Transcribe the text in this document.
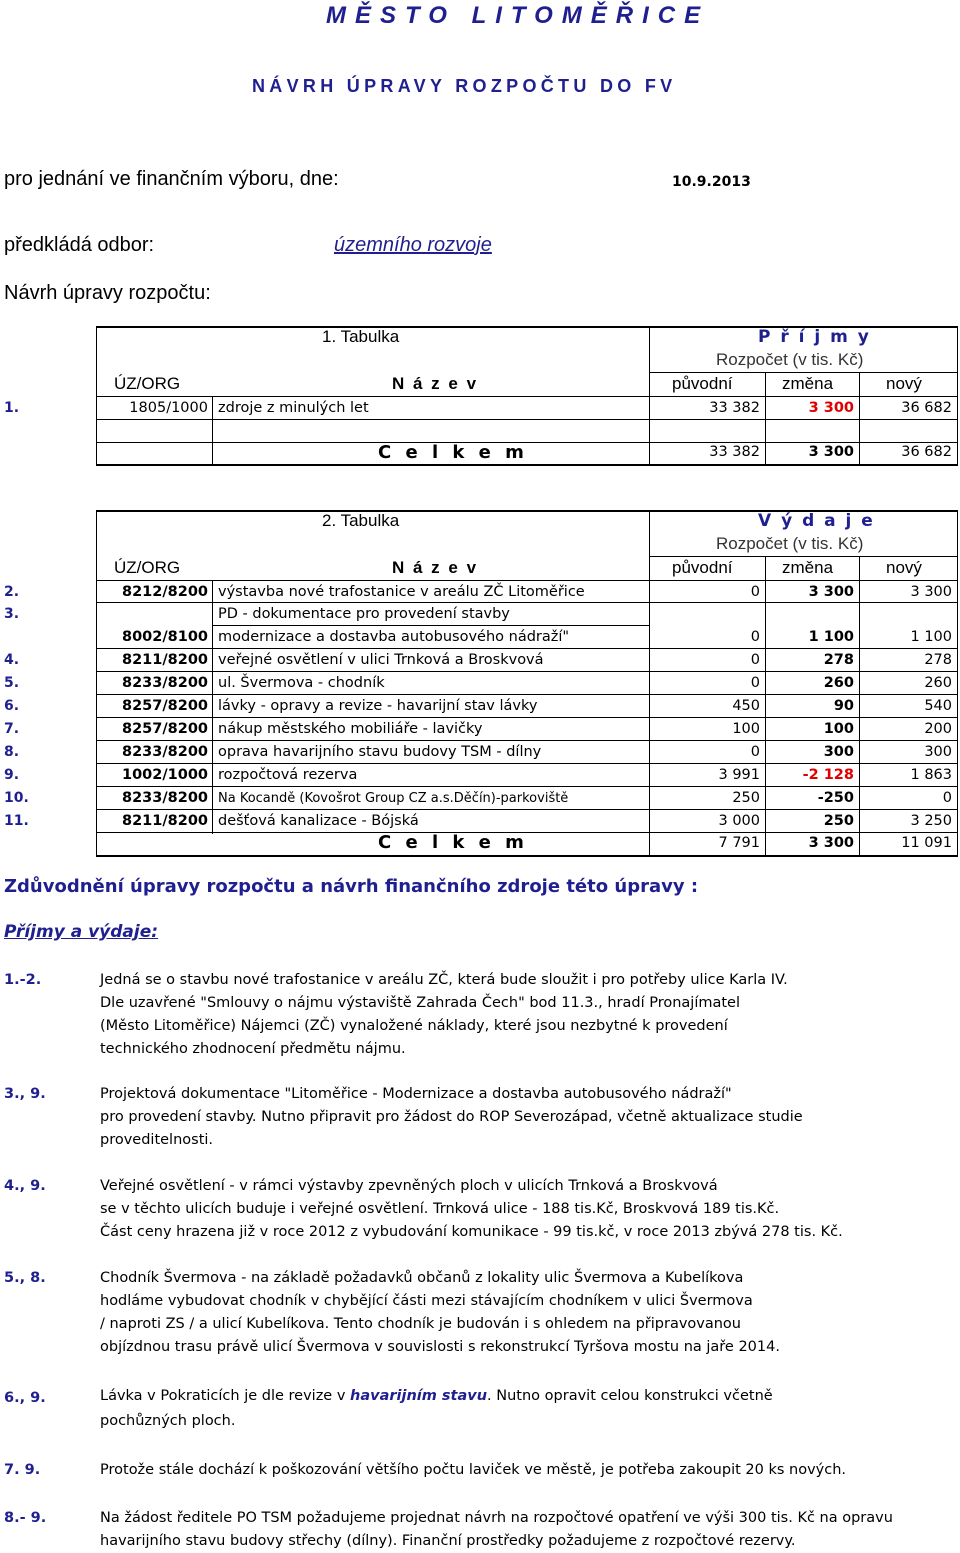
MĚSTO LITOMĚŘICE
NÁVRH ÚPRAVY ROZPOČTU DO FV
pro jednání ve finančním výboru, dne:	10.9.2013
předkládá odbor:	územního rozvoje
Návrh úpravy rozpočtu:
1. Tabulka	P ř í j m y
Rozpočet (v tis. Kč)
ÚZ/ORG	N á z e v	původní	změna	nový
1.	1805/1000 zdroje z minulých let	33 382	3 300	36 682
C e l k e m	33 382	3 300	36 682
2. Tabulka	V ý d a j e
Rozpočet (v tis. Kč)
ÚZ/ORG	N á z e v	původní	změna	nový
2.	8212/8200 výstavba nové trafostanice v areálu ZČ Litoměřice	0	3 300	3 300
3.	PD - dokumentace pro provedení stavby
8002/8100 modernizace a dostavba autobusového nádraží"	0	1 100	1 100
4.	8211/8200 veřejné osvětlení v ulici Trnková a Broskvová	0	278	278
5.	8233/8200 ul. Švermova - chodník	0	260	260
6.	8257/8200 lávky - opravy a revize - havarijní stav lávky	450	90	540
7.	8257/8200 nákup městského mobiliáře - lavičky	100	100	200
8.	8233/8200 oprava havarijního stavu budovy TSM - dílny	0	300	300
9.	1002/1000 rozpočtová rezerva	3 991	-2 128	1 863
10.	8233/8200 Na Kocandě (Kovošrot Group CZ a.s.Děčín)-parkoviště	250	-250	0
11.	8211/8200 dešťová kanalizace - Bójská	3 000	250	3 250
C e l k e m	7 791	3 300	11 091
Zdůvodnění úpravy rozpočtu a návrh finančního zdroje této úpravy :
Příjmy a výdaje:
1.-2.	Jedná se o stavbu nové trafostanice v areálu ZČ, která bude sloužit i pro potřeby ulice Karla IV.
Dle uzavřené "Smlouvy o nájmu výstaviště Zahrada Čech" bod 11.3., hradí Pronajímatel
(Město Litoměřice) Nájemci (ZČ) vynaložené náklady, které jsou nezbytné k provedení
technického zhodnocení předmětu nájmu.
3., 9.	Projektová dokumentace "Litoměřice - Modernizace a dostavba autobusového nádraží"
pro provedení stavby. Nutno připravit pro žádost do ROP Severozápad, včetně aktualizace studie
proveditelnosti.
4., 9.	Veřejné osvětlení - v rámci výstavby zpevněných ploch v ulicích Trnková a Broskvová
se v těchto ulicích buduje i veřejné osvětlení. Trnková ulice - 188 tis.Kč, Broskvová 189 tis.Kč.
Část ceny hrazena již v roce 2012 z vybudování komunikace - 99 tis.kč, v roce 2013 zbývá 278 tis. Kč.
5., 8.	Chodník Švermova - na základě požadavků občanů z lokality ulic Švermova a Kubelíkova
hodláme vybudovat chodník v chybějící části mezi stávajícím chodníkem v ulici Švermova
/ naproti ZS / a ulicí Kubelíkova. Tento chodník je budován i s ohledem na připravovanou
objízdnou trasu právě ulicí Švermova v souvislosti s rekonstrukcí Tyršova mostu na jaře 2014.
6., 9.	Lávka v Pokraticích je dle revize v havarijním stavu. Nutno opravit celou konstrukci včetně
pochůzných ploch.
7. 9.	Protože stále dochází k poškozování většího počtu laviček ve městě, je potřeba zakoupit 20 ks nových.
8.- 9.	Na žádost ředitele PO TSM požadujeme projednat návrh na rozpočtové opatření ve výši 300 tis. Kč na opravu
havarijního stavu budovy střechy (dílny). Finanční prostředky požadujeme z rozpočtové rezervy.
